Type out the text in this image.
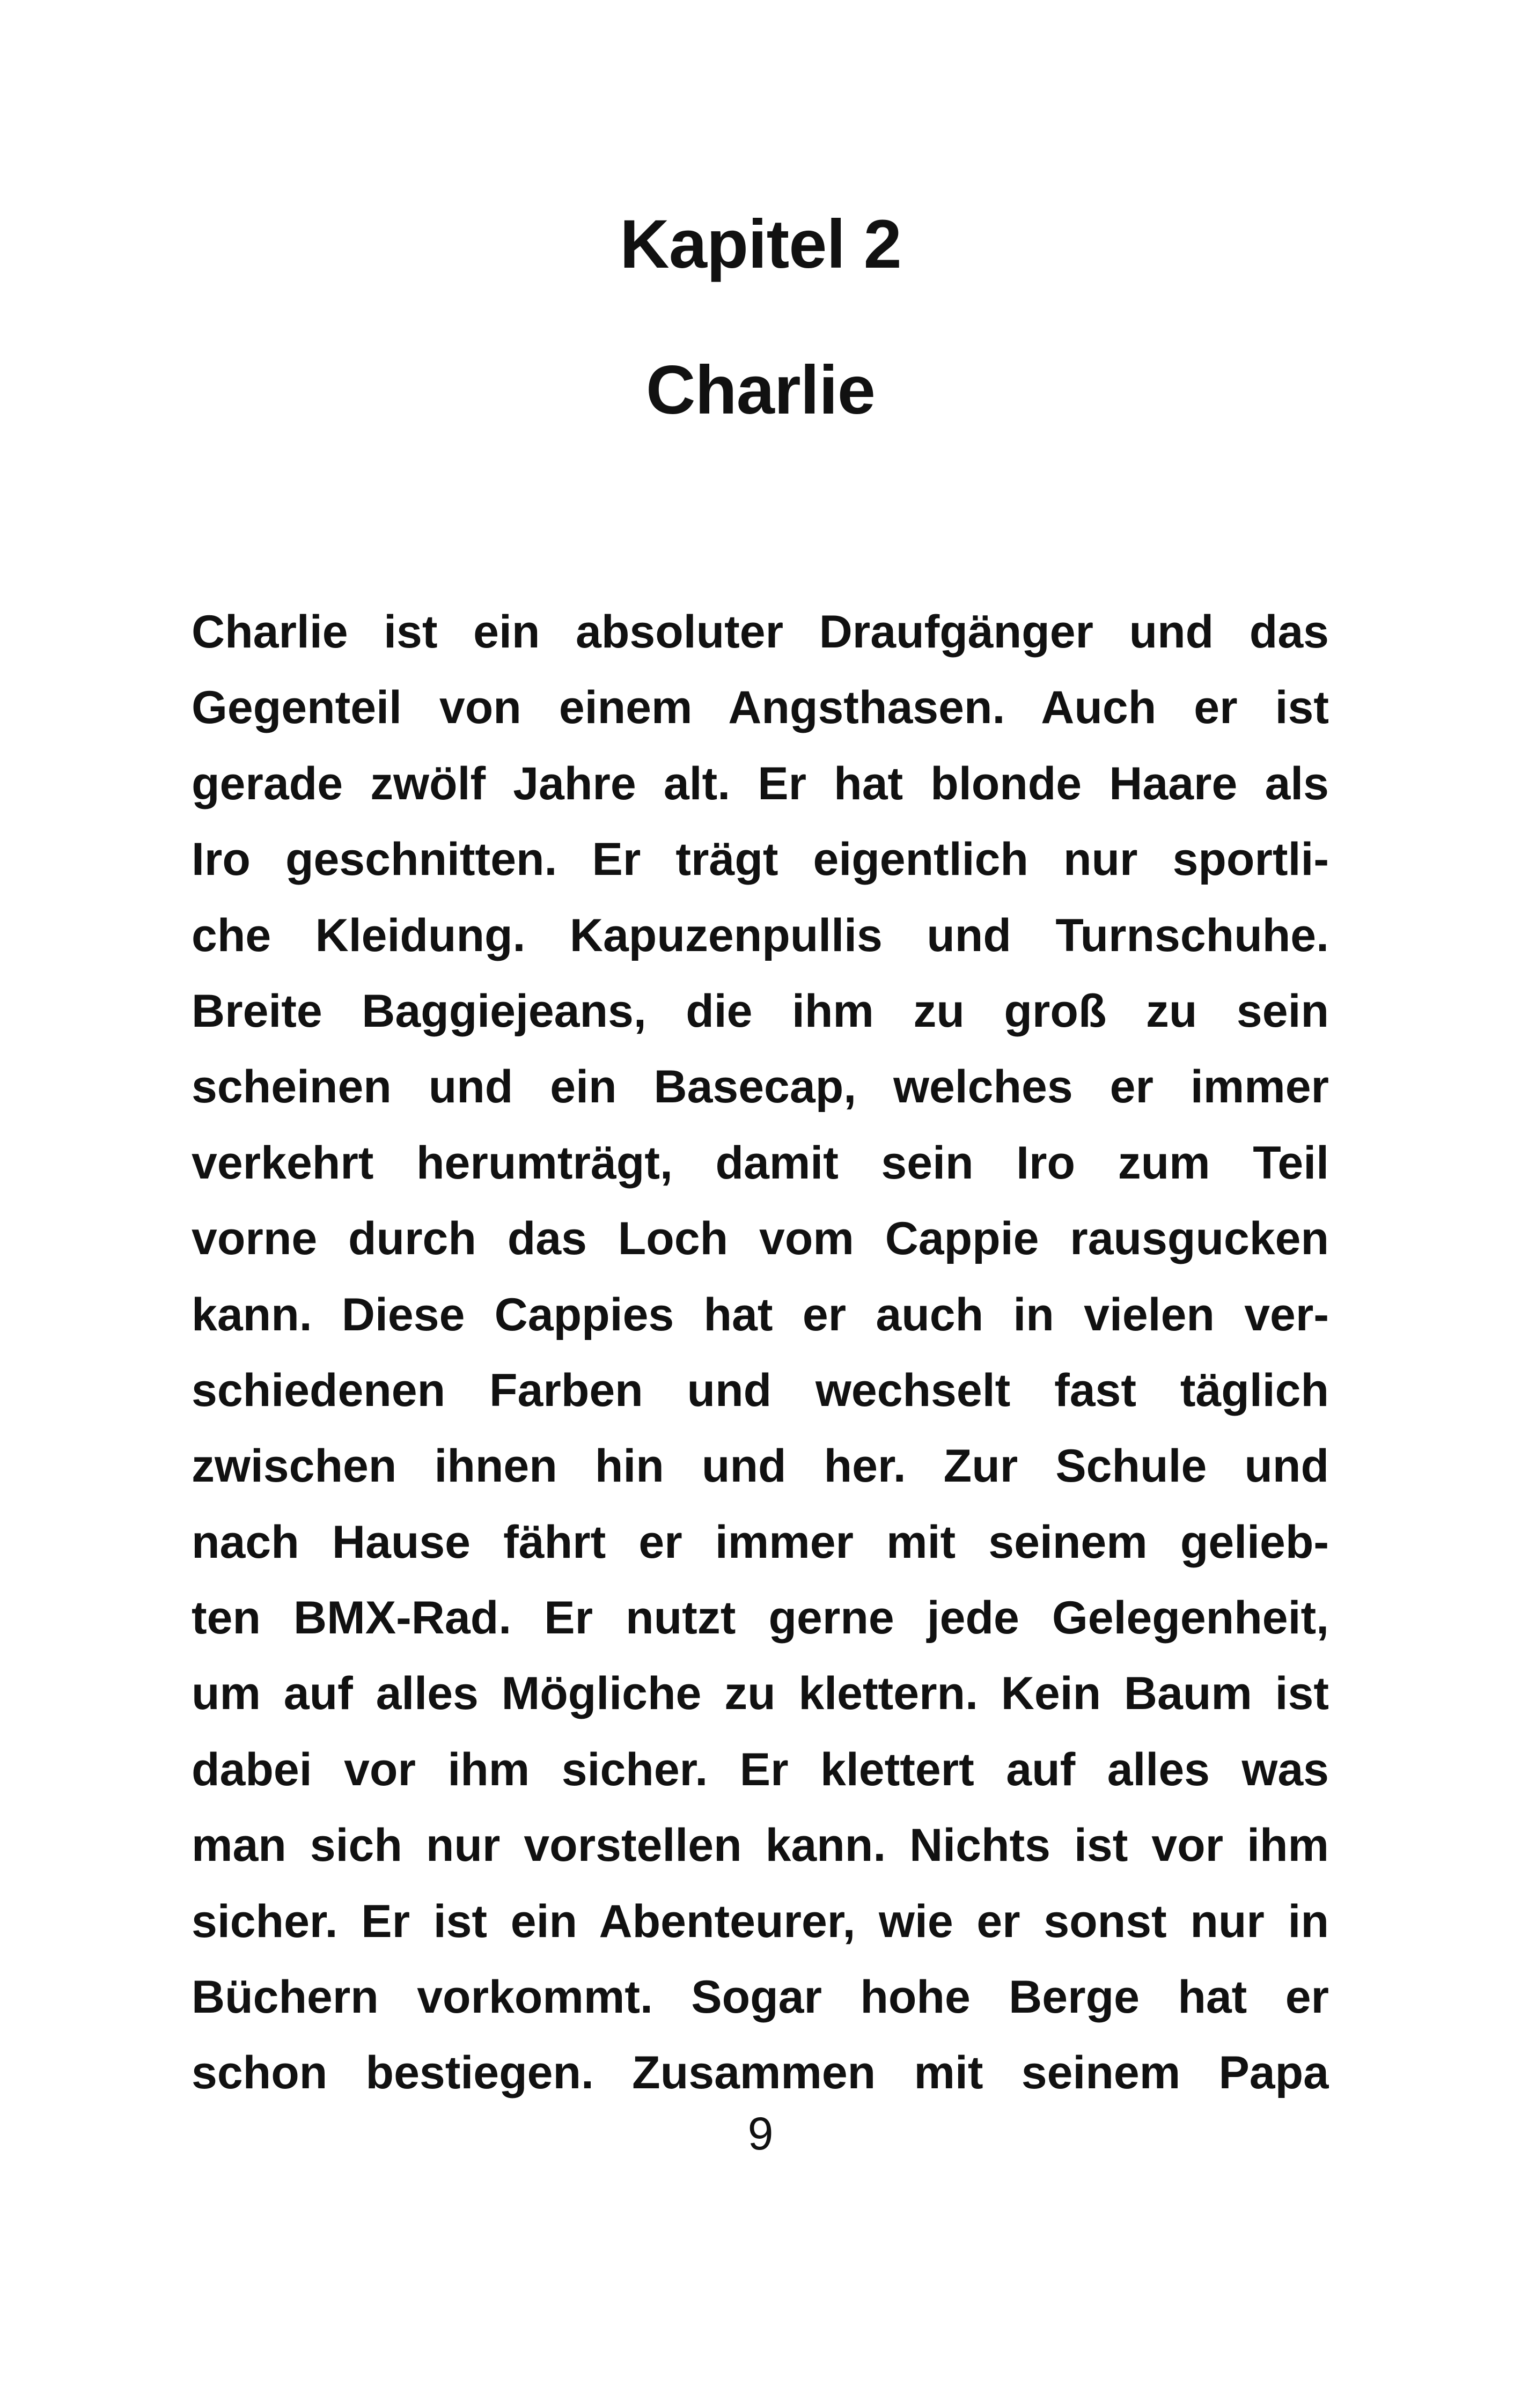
Kapitel 2
Charlie
Charlie ist ein absoluter Draufgänger und das
Gegenteil von einem Angsthasen. Auch er ist
gerade zwölf Jahre alt. Er hat blonde Haare als
Iro geschnitten. Er trägt eigentlich nur sportli-
che Kleidung. Kapuzenpullis und Turnschuhe.
Breite Baggiejeans, die ihm zu groß zu sein
scheinen und ein Basecap, welches er immer
verkehrt herumträgt, damit sein Iro zum Teil
vorne durch das Loch vom Cappie rausgucken
kann. Diese Cappies hat er auch in vielen ver-
schiedenen Farben und wechselt fast täglich
zwischen ihnen hin und her. Zur Schule und
nach Hause fährt er immer mit seinem gelieb-
ten BMX-Rad. Er nutzt gerne jede Gelegenheit,
um auf alles Mögliche zu klettern. Kein Baum ist
dabei vor ihm sicher. Er klettert auf alles was
man sich nur vorstellen kann. Nichts ist vor ihm
sicher. Er ist ein Abenteurer, wie er sonst nur in
Büchern vorkommt. Sogar hohe Berge hat er
schon bestiegen. Zusammen mit seinem Papa
9
